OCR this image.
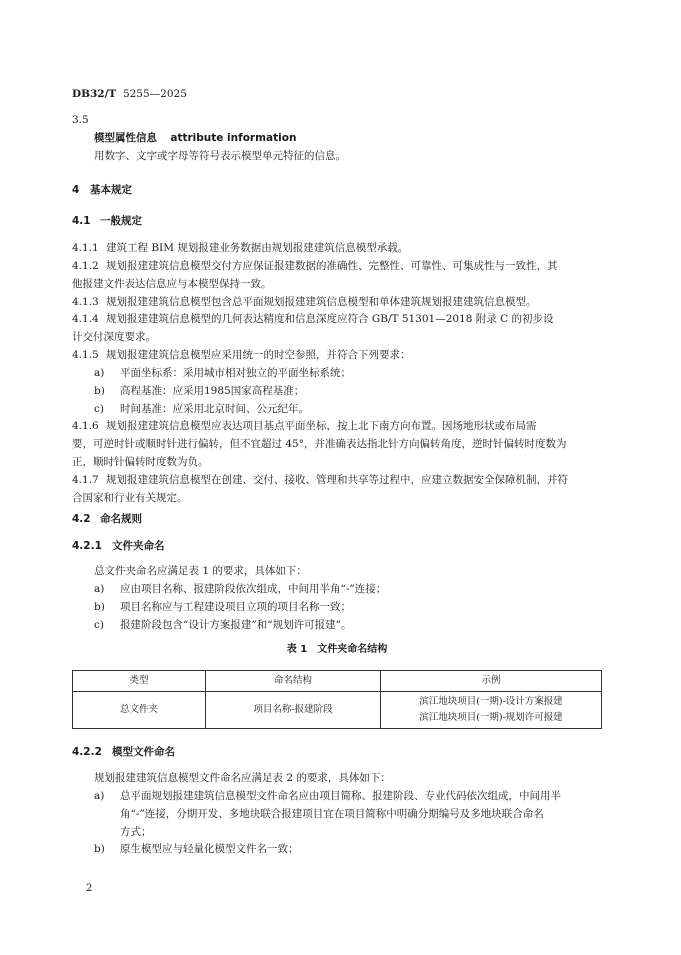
DB32/T 5255—2025
3.5
模型属性信息 attribute information
用数字、文字或字母等符号表示模型单元特征的信息。
4 基本规定
4.1 一般规定
4.1.1 建筑工程 BIM 规划报建业务数据由规划报建建筑信息模型承载。
4.1.2 规划报建建筑信息模型交付方应保证报建数据的准确性、完整性、可靠性、可集成性与一致性，其
他报建文件表达信息应与本模型保持一致。
4.1.3 规划报建建筑信息模型包含总平面规划报建建筑信息模型和单体建筑规划报建建筑信息模型。
4.1.4 规划报建建筑信息模型的几何表达精度和信息深度应符合 GB/T 51301—2018 附录 C 的初步设
计交付深度要求。
4.1.5 规划报建建筑信息模型应采用统一的时空参照，并符合下列要求：
a) 平面坐标系：采用城市相对独立的平面坐标系统；
b) 高程基准：应采用1985国家高程基准；
c) 时间基准：应采用北京时间、公元纪年。
4.1.6 规划报建建筑信息模型应表达项目基点平面坐标，按上北下南方向布置。因场地形状或布局需
要，可逆时针或顺时针进行偏转，但不宜超过 45°，并准确表达指北针方向偏转角度，逆时针偏转时度数为
正，顺时针偏转时度数为负。
4.1.7 规划报建建筑信息模型在创建、交付、接收、管理和共享等过程中，应建立数据安全保障机制，并符
合国家和行业有关规定。
4.2 命名规则
4.2.1 文件夹命名
总文件夹命名应满足表 1 的要求，具体如下：
a) 应由项目名称、报建阶段依次组成，中间用半角“-”连接；
b) 项目名称应与工程建设项目立项的项目名称一致；
c) 报建阶段包含“设计方案报建”和“规划许可报建”。
表 1　文件夹命名结构
类型	命名结构	示例
总文件夹	项目名称-报建阶段	滨江地块项目(一期)-设计方案报建
滨江地块项目(一期)-规划许可报建
4.2.2 模型文件命名
规划报建建筑信息模型文件命名应满足表 2 的要求，具体如下：
a) 总平面规划报建建筑信息模型文件命名应由项目简称、报建阶段、专业代码依次组成，中间用半
角“-”连接，分期开发、多地块联合报建项目宜在项目简称中明确分期编号及多地块联合命名
方式；
b) 原生模型应与轻量化模型文件名一致；
2
